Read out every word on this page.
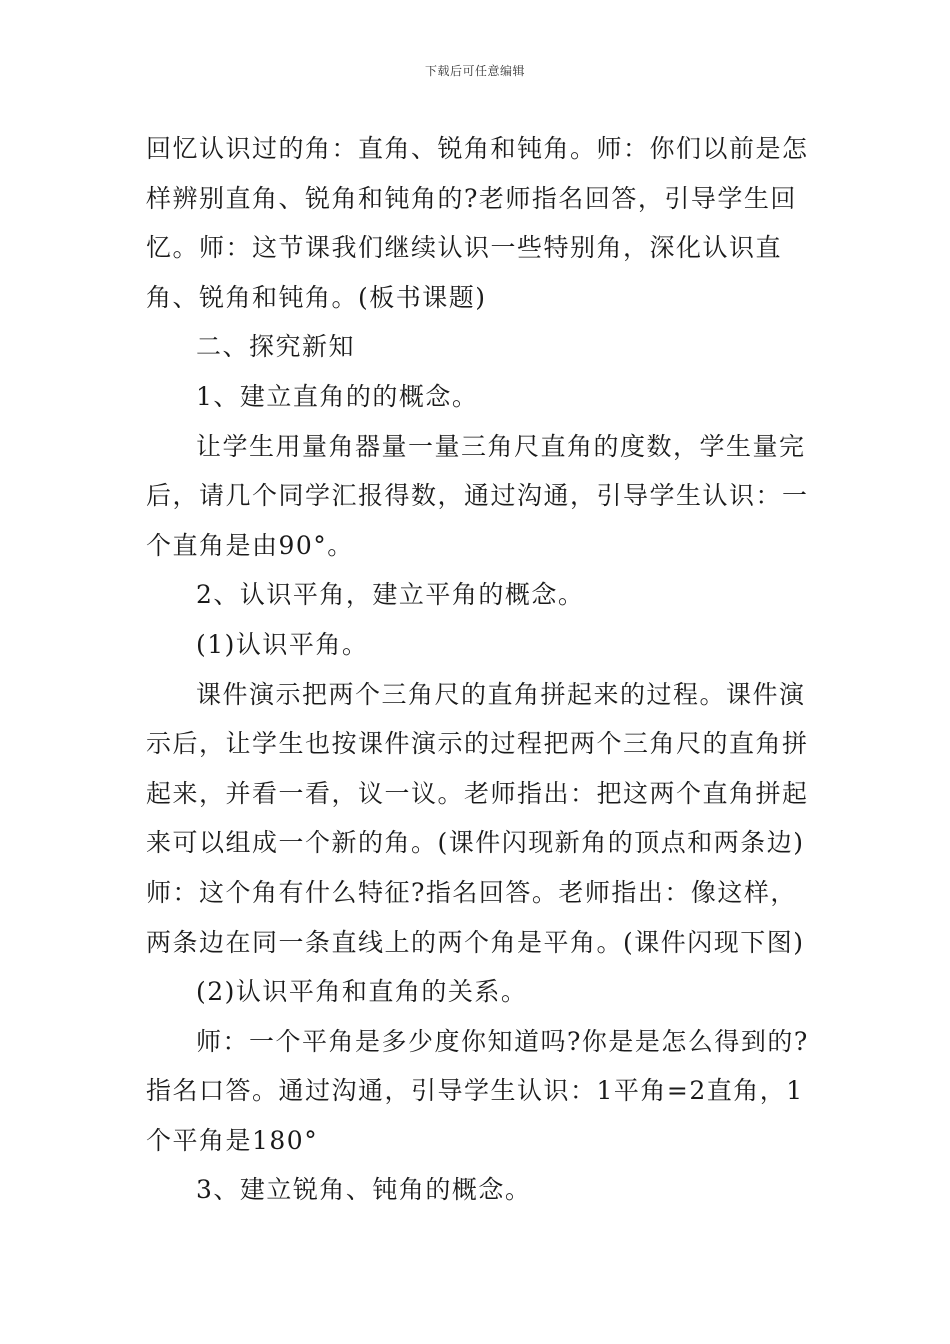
下载后可任意编辑

回忆认识过的角：直角、锐角和钝角。师：你们以前是怎样辨别直角、锐角和钝角的?老师指名回答，引导学生回忆。师：这节课我们继续认识一些特别角，深化认识直角、锐角和钝角。(板书课题)

二、探究新知

1、建立直角的的概念。

让学生用量角器量一量三角尺直角的度数，学生量完后，请几个同学汇报得数，通过沟通，引导学生认识：一个直角是由90°。

2、认识平角，建立平角的概念。

(1)认识平角。

课件演示把两个三角尺的直角拼起来的过程。课件演示后，让学生也按课件演示的过程把两个三角尺的直角拼起来，并看一看，议一议。老师指出：把这两个直角拼起来可以组成一个新的角。(课件闪现新角的顶点和两条边)师：这个角有什么特征?指名回答。老师指出：像这样，两条边在同一条直线上的两个角是平角。(课件闪现下图)

(2)认识平角和直角的关系。

师：一个平角是多少度你知道吗?你是是怎么得到的?指名口答。通过沟通，引导学生认识：1平角=2直角，1个平角是180°

3、建立锐角、钝角的概念。
